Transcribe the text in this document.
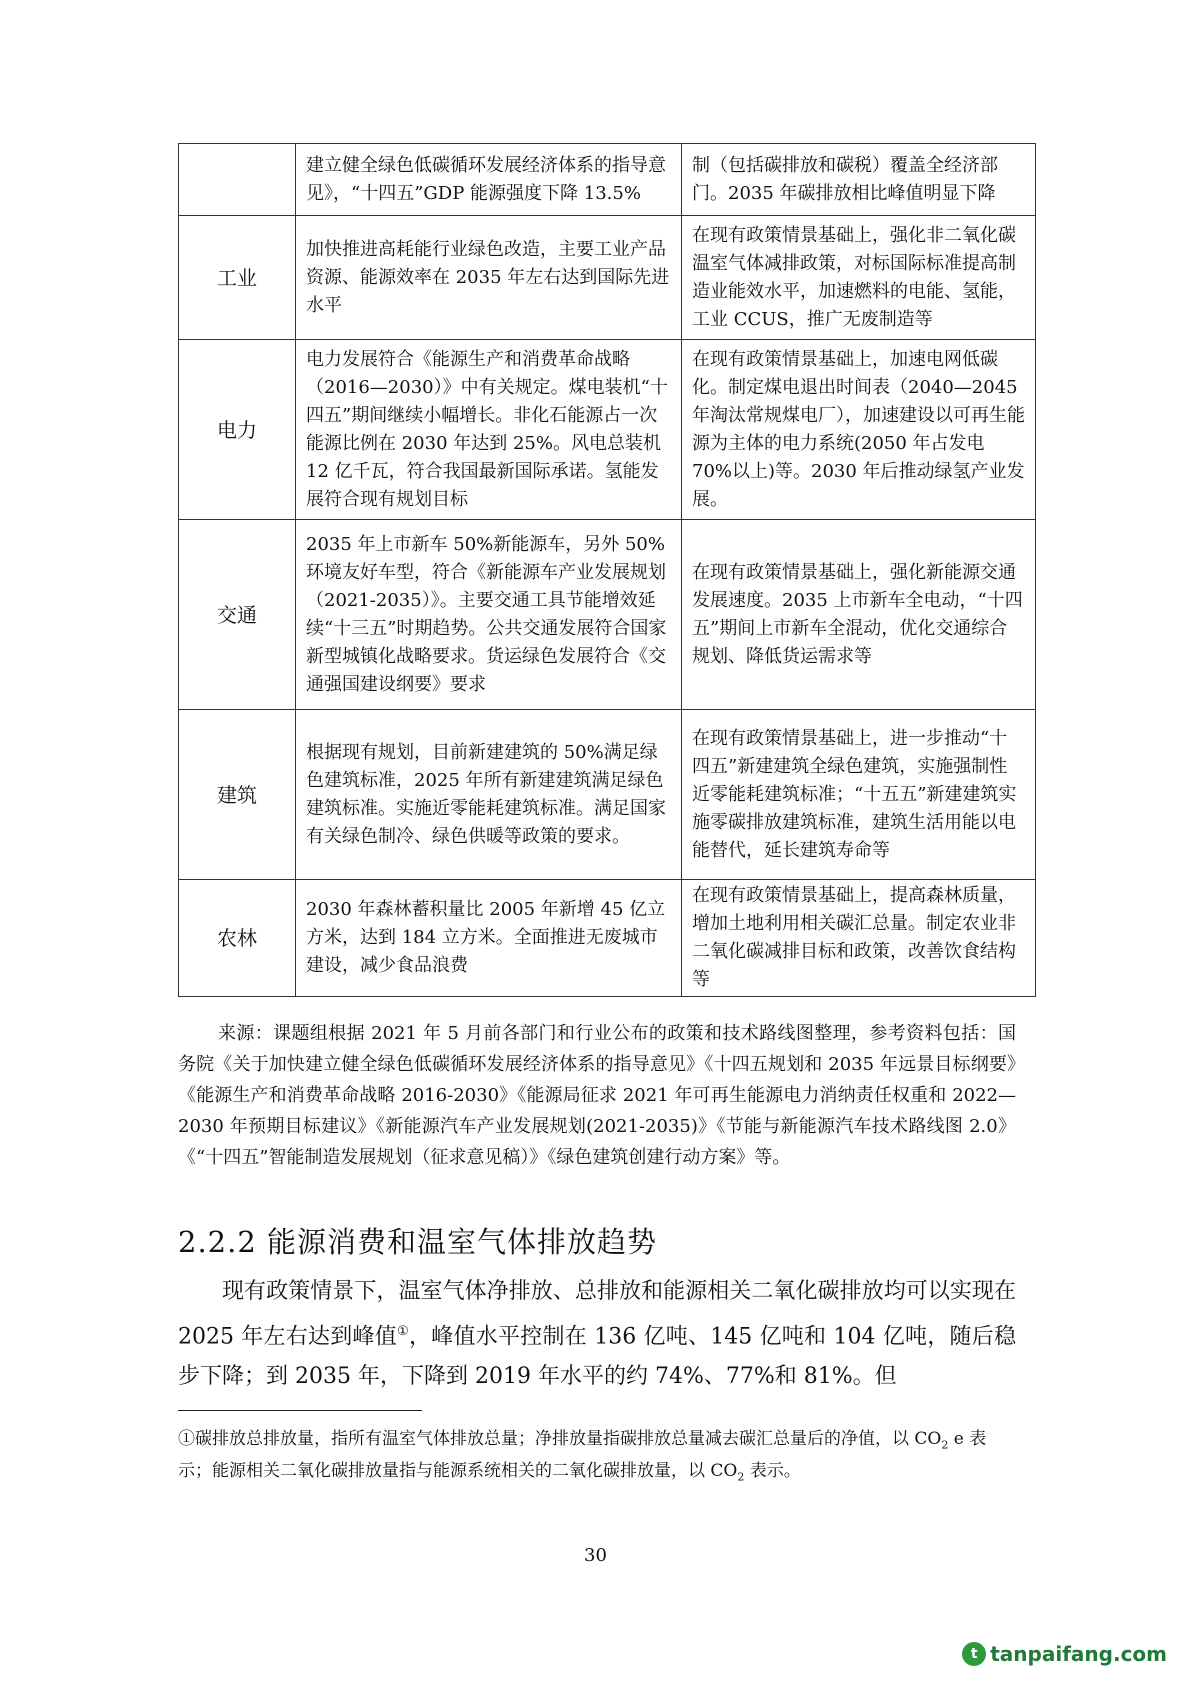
	建立健全绿色低碳循环发展经济体系的指导意见》，“十四五”GDP 能源强度下降 13.5%	制（包括碳排放和碳税）覆盖全经济部门。2035 年碳排放相比峰值明显下降
工业	加快推进高耗能行业绿色改造，主要工业产品资源、能源效率在 2035 年左右达到国际先进水平	在现有政策情景基础上，强化非二氧化碳温室气体减排政策，对标国际标准提高制造业能效水平，加速燃料的电能、氢能，工业 CCUS，推广无废制造等
电力	电力发展符合《能源生产和消费革命战略（2016—2030）》中有关规定。煤电装机“十四五”期间继续小幅增长。非化石能源占一次能源比例在 2030 年达到 25%。风电总装机 12 亿千瓦，符合我国最新国际承诺。氢能发展符合现有规划目标	在现有政策情景基础上，加速电网低碳化。制定煤电退出时间表（2040—2045 年淘汰常规煤电厂），加速建设以可再生能源为主体的电力系统(2050 年占发电 70%以上)等。2030 年后推动绿氢产业发展。
交通	2035 年上市新车 50%新能源车，另外 50%环境友好车型，符合《新能源车产业发展规划（2021-2035）》。主要交通工具节能增效延续“十三五”时期趋势。公共交通发展符合国家新型城镇化战略要求。货运绿色发展符合《交通强国建设纲要》要求	在现有政策情景基础上，强化新能源交通发展速度。2035 上市新车全电动，“十四五”期间上市新车全混动，优化交通综合规划、降低货运需求等
建筑	根据现有规划，目前新建建筑的 50%满足绿色建筑标准，2025 年所有新建建筑满足绿色建筑标准。实施近零能耗建筑标准。满足国家有关绿色制冷、绿色供暖等政策的要求。	在现有政策情景基础上，进一步推动“十四五”新建建筑全绿色建筑，实施强制性近零能耗建筑标准；“十五五”新建建筑实施零碳排放建筑标准，建筑生活用能以电能替代，延长建筑寿命等
农林	2030 年森林蓄积量比 2005 年新增 45 亿立方米，达到 184 立方米。全面推进无废城市建设，减少食品浪费	在现有政策情景基础上，提高森林质量，增加土地利用相关碳汇总量。制定农业非二氧化碳减排目标和政策，改善饮食结构等

来源：课题组根据 2021 年 5 月前各部门和行业公布的政策和技术路线图整理，参考资料包括：国务院《关于加快建立健全绿色低碳循环发展经济体系的指导意见》《十四五规划和 2035 年远景目标纲要》《能源生产和消费革命战略 2016-2030》《能源局征求 2021 年可再生能源电力消纳责任权重和 2022—2030 年预期目标建议》《新能源汽车产业发展规划(2021-2035)》《节能与新能源汽车技术路线图 2.0》《“十四五”智能制造发展规划（征求意见稿）》《绿色建筑创建行动方案》等。

2.2.2 能源消费和温室气体排放趋势

现有政策情景下，温室气体净排放、总排放和能源相关二氧化碳排放均可以实现在 2025 年左右达到峰值①，峰值水平控制在 136 亿吨、145 亿吨和 104 亿吨，随后稳步下降；到 2035 年，下降到 2019 年水平的约 74%、77%和 81%。但

①碳排放总排放量，指所有温室气体排放总量；净排放量指碳排放总量减去碳汇总量后的净值，以 $CO_2$ e 表示；能源相关二氧化碳排放量指与能源系统相关的二氧化碳排放量，以 $CO_2$ 表示。

30
t tanpaifang.com
